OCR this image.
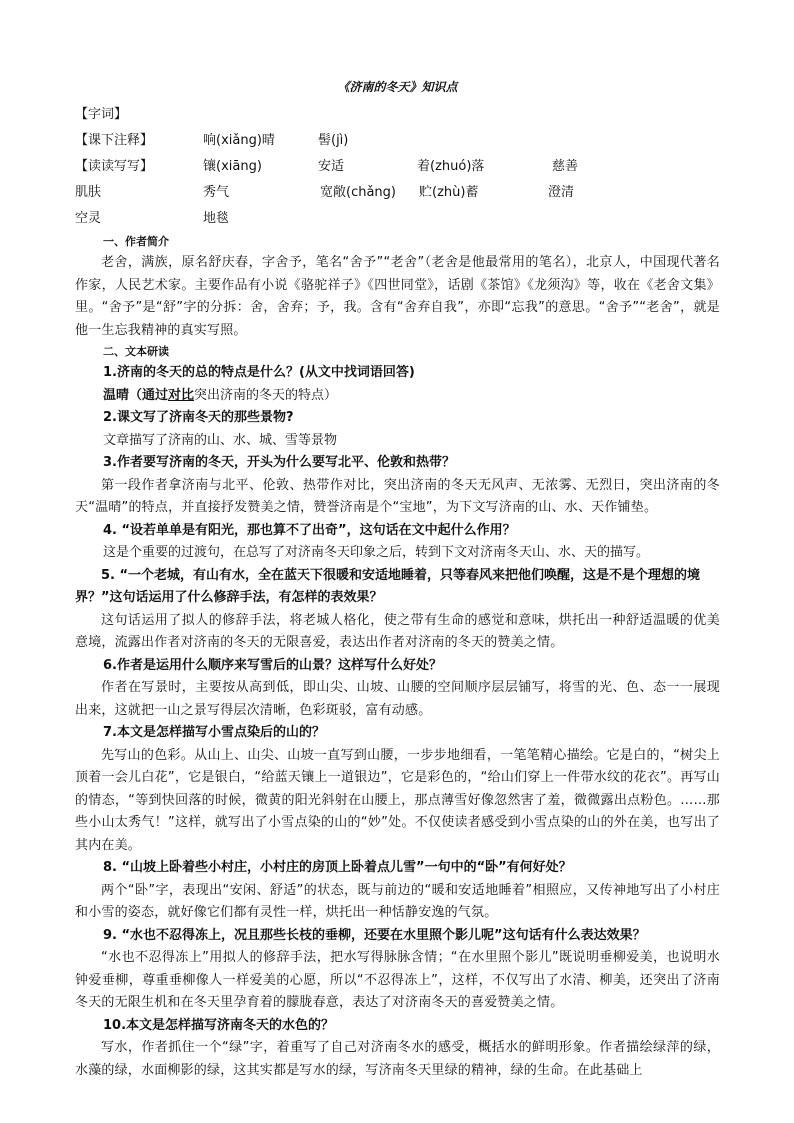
《济南的冬天》知识点
【字词】
【课下注释】	响(xiǎng)晴	髻(jì)
【读读写写】	镶(xiāng)	安适	着(zhuó)落	慈善
肌肤	秀气	宽敞(chǎng) 贮(zhù)蓄	澄清
空灵	地毯
一、作者简介

老舍，满族，原名舒庆春，字舍予，笔名“舍予”“老舍”（老舍是他最常用的笔名），北京人，中国现代著名作家，人民艺术家。主要作品有小说《骆驼祥子》《四世同堂》，话剧《茶馆》《龙须沟》等，收在《老舍文集》里。“舍予”是“舒”字的分拆：舍，舍弃；予，我。含有“舍弃自我”，亦即“忘我”的意思。“舍予”“老舍”，就是他一生忘我精神的真实写照。

二、文本研读

1.济南的冬天的总的特点是什么？(从文中找词语回答)

温晴（通过对比突出济南的冬天的特点）

2.课文写了济南冬天的那些景物?

文章描写了济南的山、水、城、雪等景物

3.作者要写济南的冬天，开头为什么要写北平、伦敦和热带？

第一段作者拿济南与北平、伦敦、热带作对比，突出济南的冬天无风声、无浓雾、无烈日，突出济南的冬天“温晴”的特点，并直接抒发赞美之情，赞誉济南是个“宝地”，为下文写济南的山、水、天作铺垫。

4. “设若单单是有阳光，那也算不了出奇”，这句话在文中起什么作用？

这是个重要的过渡句，在总写了对济南冬天印象之后，转到下文对济南冬天山、水、天的描写。

5. “一个老城，有山有水，全在蓝天下很暖和安适地睡着，只等春风来把他们唤醒，这是不是个理想的境界？”这句话运用了什么修辞手法，有怎样的表效果？

这句话运用了拟人的修辞手法，将老城人格化，使之带有生命的感觉和意味，烘托出一种舒适温暖的优美意境，流露出作者对济南的冬天的无限喜爱，表达出作者对济南的冬天的赞美之情。

6.作者是运用什么顺序来写雪后的山景？这样写什么好处？

作者在写景时，主要按从高到低，即山尖、山坡、山腰的空间顺序层层铺写，将雪的光、色、态一一展现出来，这就把一山之景写得层次清晰，色彩斑驳，富有动感。

7.本文是怎样描写小雪点染后的山的？

先写山的色彩。从山上、山尖、山坡一直写到山腰，一步步地细看，一笔笔精心描绘。它是白的，“树尖上顶着一会儿白花”，它是银白，“给蓝天镶上一道银边”，它是彩色的，“给山们穿上一件带水纹的花衣”。再写山的情态，“等到快回落的时候，微黄的阳光斜射在山腰上，那点薄雪好像忽然害了羞，微微露出点粉色。……那些小山太秀气！”这样，就写出了小雪点染的山的“妙”处。不仅使读者感受到小雪点染的山的外在美，也写出了其内在美。

8. “山坡上卧着些小村庄，小村庄的房顶上卧着点儿雪”一句中的“卧”有何好处？

两个“卧”字，表现出“安闲、舒适”的状态，既与前边的“暖和安适地睡着”相照应，又传神地写出了小村庄和小雪的姿态，就好像它们都有灵性一样，烘托出一种恬静安逸的气氛。

9. “水也不忍得冻上，况且那些长枝的垂柳，还要在水里照个影儿呢”这句话有什么表达效果？

“水也不忍得冻上”用拟人的修辞手法，把水写得脉脉含情；“在水里照个影儿”既说明垂柳爱美，也说明水钟爱垂柳，尊重垂柳像人一样爱美的心愿，所以“不忍得冻上”，这样，不仅写出了水清、柳美，还突出了济南冬天的无限生机和在冬天里孕育着的朦胧春意，表达了对济南冬天的喜爱赞美之情。

10.本文是怎样描写济南冬天的水色的？

写水，作者抓住一个“绿”字，着重写了自己对济南冬水的感受，概括水的鲜明形象。作者描绘绿萍的绿，水藻的绿，水面柳影的绿，这其实都是写水的绿，写济南冬天里绿的精神，绿的生命。在此基础上
